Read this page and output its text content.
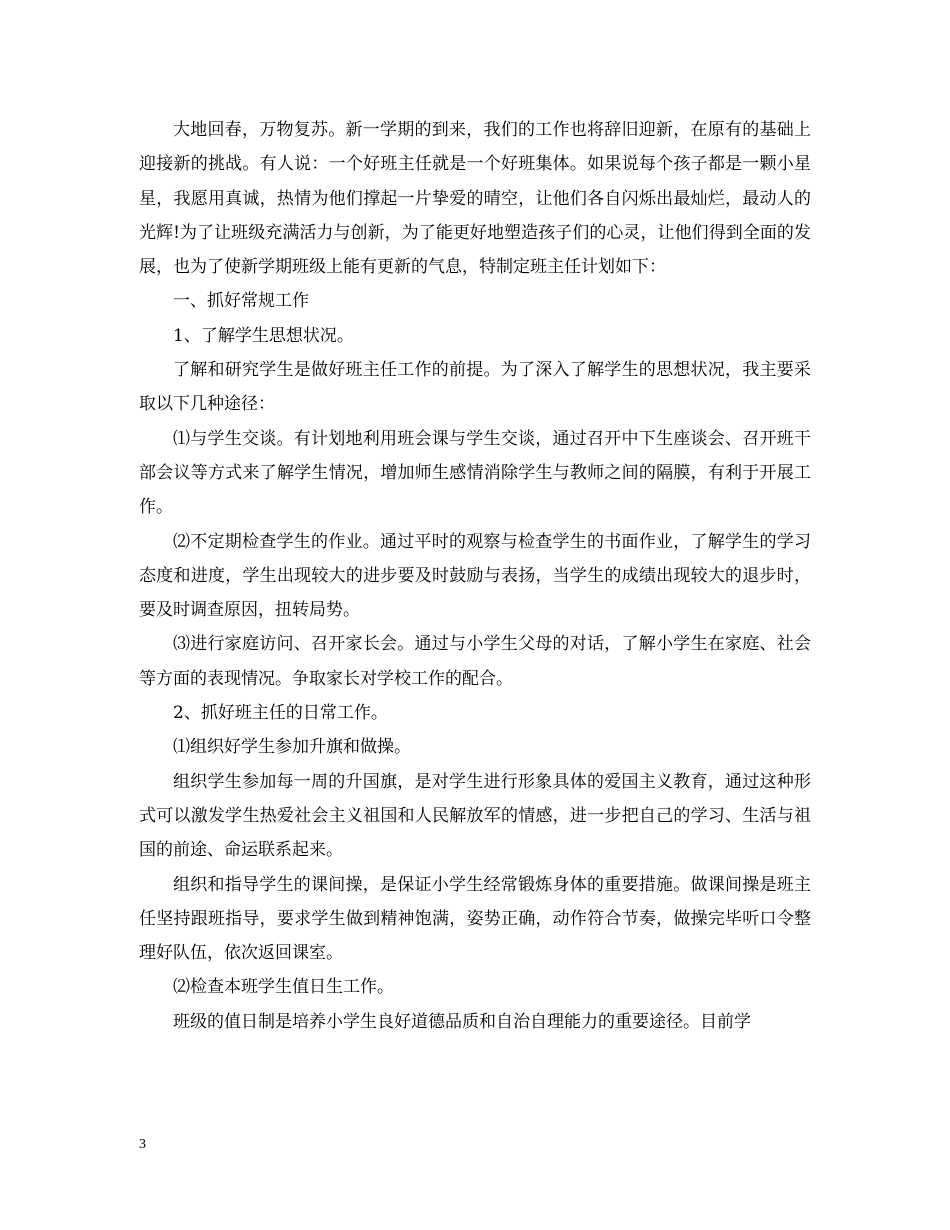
大地回春，万物复苏。新一学期的到来，我们的工作也将辞旧迎新，在原有的基础上迎接新的挑战。有人说：一个好班主任就是一个好班集体。如果说每个孩子都是一颗小星星，我愿用真诚，热情为他们撑起一片挚爱的晴空，让他们各自闪烁出最灿烂，最动人的光辉!为了让班级充满活力与创新，为了能更好地塑造孩子们的心灵，让他们得到全面的发展，也为了使新学期班级上能有更新的气息，特制定班主任计划如下：

一、抓好常规工作

1、了解学生思想状况。

了解和研究学生是做好班主任工作的前提。为了深入了解学生的思想状况，我主要采取以下几种途径：

⑴与学生交谈。有计划地利用班会课与学生交谈，通过召开中下生座谈会、召开班干部会议等方式来了解学生情况，增加师生感情消除学生与教师之间的隔膜，有利于开展工作。

⑵不定期检查学生的作业。通过平时的观察与检查学生的书面作业，了解学生的学习态度和进度，学生出现较大的进步要及时鼓励与表扬，当学生的成绩出现较大的退步时，要及时调查原因，扭转局势。

⑶进行家庭访问、召开家长会。通过与小学生父母的对话，了解小学生在家庭、社会等方面的表现情况。争取家长对学校工作的配合。

2、抓好班主任的日常工作。

⑴组织好学生参加升旗和做操。

组织学生参加每一周的升国旗，是对学生进行形象具体的爱国主义教育，通过这种形式可以激发学生热爱社会主义祖国和人民解放军的情感，进一步把自己的学习、生活与祖国的前途、命运联系起来。

组织和指导学生的课间操，是保证小学生经常锻炼身体的重要措施。做课间操是班主任坚持跟班指导，要求学生做到精神饱满，姿势正确，动作符合节奏，做操完毕听口令整理好队伍，依次返回课室。

⑵检查本班学生值日生工作。

班级的值日制是培养小学生良好道德品质和自治自理能力的重要途径。目前学

3
